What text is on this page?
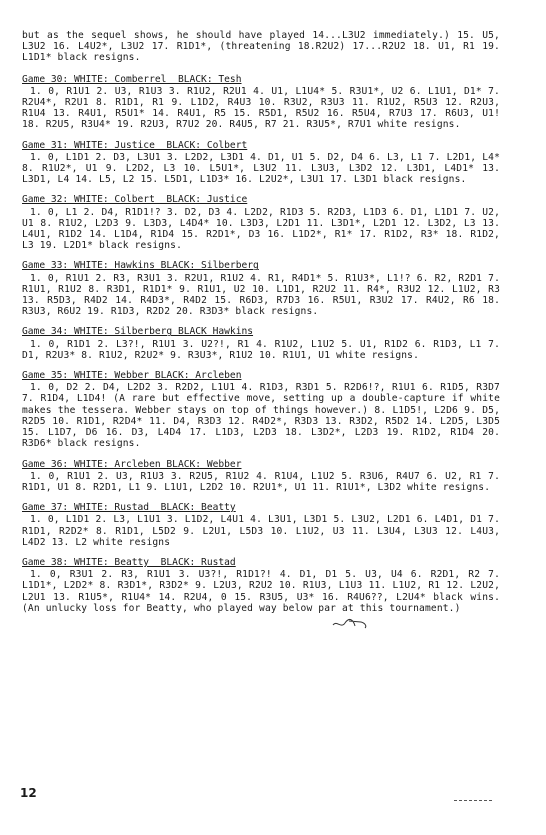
but as the sequel shows, he should have played 14...L3U2 immediately.) 15. U5, L3U2 16. L4U2*, L3U2 17. R1D1*, (threatening 18.R2U2) 17...R2U2 18. U1, R1 19. L1D1* black resigns.

Game 30: WHITE: Comberrel  BLACK: Tesh

1. 0, R1U1 2. U3, R1U3 3. R1U2, R2U1 4. U1, L1U4* 5. R3U1*, U2 6. L1U1, D1* 7. R2U4*, R2U1 8. R1D1, R1 9. L1D2, R4U3 10. R3U2, R3U3 11. R1U2, R5U3 12. R2U3, R1U4 13. R4U1, R5U1* 14. R4U1, R5 15. R5D1, R5U2 16. R5U4, R7U3 17. R6U3, U1! 18. R2U5, R3U4* 19. R2U3, R7U2 20. R4U5, R7 21. R3U5*, R7U1 white resigns.

Game 31: WHITE: Justice  BLACK: Colbert

1. 0, L1D1 2. D3, L3U1 3. L2D2, L3D1 4. D1, U1 5. D2, D4 6. L3, L1 7. L2D1, L4* 8. R1U2*, U1 9. L2D2, L3 10. L5U1*, L3U2 11. L3U3, L3D2 12. L3D1, L4D1* 13. L3D1, L4 14. L5, L2 15. L5D1, L1D3* 16. L2U2*, L3U1 17. L3D1 black resigns.

Game 32: WHITE: Colbert  BLACK: Justice

1. 0, L1 2. D4, R1D1!? 3. D2, D3 4. L2D2, R1D3 5. R2D3, L1D3 6. D1, L1D1 7. U2, U1 8. R1U2, L2D3 9. L3D3, L4D4* 10. L3D3, L2D1 11. L3D1*, L2D1 12. L3D2, L3 13. L4U1, R1D2 14. L1D4, R1D4 15. R2D1*, D3 16. L1D2*, R1* 17. R1D2, R3* 18. R1D2, L3 19. L2D1* black resigns.

Game 33: WHITE: Hawkins BLACK: Silberberg

1. 0, R1U1 2. R3, R3U1 3. R2U1, R1U2 4. R1, R4D1* 5. R1U3*, L1!? 6. R2, R2D1 7. R1U1, R1U2 8. R3D1, R1D1* 9. R1U1, U2 10. L1D1, R2U2 11. R4*, R3U2 12. L1U2, R3 13. R5D3, R4D2 14. R4D3*, R4D2 15. R6D3, R7D3 16. R5U1, R3U2 17. R4U2, R6 18. R3U3, R6U2 19. R1D3, R2D2 20. R3D3* black resigns.

Game 34: WHITE: Silberberg BLACK Hawkins

1. 0, R1D1 2. L3?!, R1U1 3. U2?!, R1 4. R1U2, L1U2 5. U1, R1D2 6. R1D3, L1 7. D1, R2U3* 8. R1U2, R2U2* 9. R3U3*, R1U2 10. R1U1, U1 white resigns.

Game 35: WHITE: Webber BLACK: Arcleben

1. 0, D2 2. D4, L2D2 3. R2D2, L1U1 4. R1D3, R3D1 5. R2D6!?, R1U1 6. R1D5, R3D7 7. R1D4, L1D4! (A rare but effective move, setting up a double-capture if white makes the tessera. Webber stays on top of things however.) 8. L1D5!, L2D6 9. D5, R2D5 10. R1D1, R2D4* 11. D4, R3D3 12. R4D2*, R3D3 13. R3D2, R5D2 14. L2D5, L3D5 15. L1D7, D6 16. D3, L4D4 17. L1D3, L2D3 18. L3D2*, L2D3 19. R1D2, R1D4 20. R3D6* black resigns.

Game 36: WHITE: Arcleben BLACK: Webber

1. 0, R1U1 2. U3, R1U3 3. R2U5, R1U2 4. R1U4, L1U2 5. R3U6, R4U7 6. U2, R1 7. R1D1, U1 8. R2D1, L1 9. L1U1, L2D2 10. R2U1*, U1 11. R1U1*, L3D2 white resigns.

Game 37: WHITE: Rustad  BLACK: Beatty

1. 0, L1D1 2. L3, L1U1 3. L1D2, L4U1 4. L3U1, L3D1 5. L3U2, L2D1 6. L4D1, D1 7. R1D1, R2D2* 8. R1D1, L5D2 9. L2U1, L5D3 10. L1U2, U3 11. L3U4, L3U3 12. L4U3, L4D2 13. L2 white resigns

Game 38: WHITE: Beatty  BLACK: Rustad

1. 0, R3U1 2. R3, R1U1 3. U3?!, R1D1?! 4. D1, D1 5. U3, U4 6. R2D1, R2 7. L1D1*, L2D2* 8. R3D1*, R3D2* 9. L2U3, R2U2 10. R1U3, L1U3 11. L1U2, R1 12. L2U2, L2U1 13. R1U5*, R1U4* 14. R2U4, 0 15. R3U5, U3* 16. R4U6??, L2U4* black wins. (An unlucky loss for Beatty, who played way below par at this tournament.)

12
